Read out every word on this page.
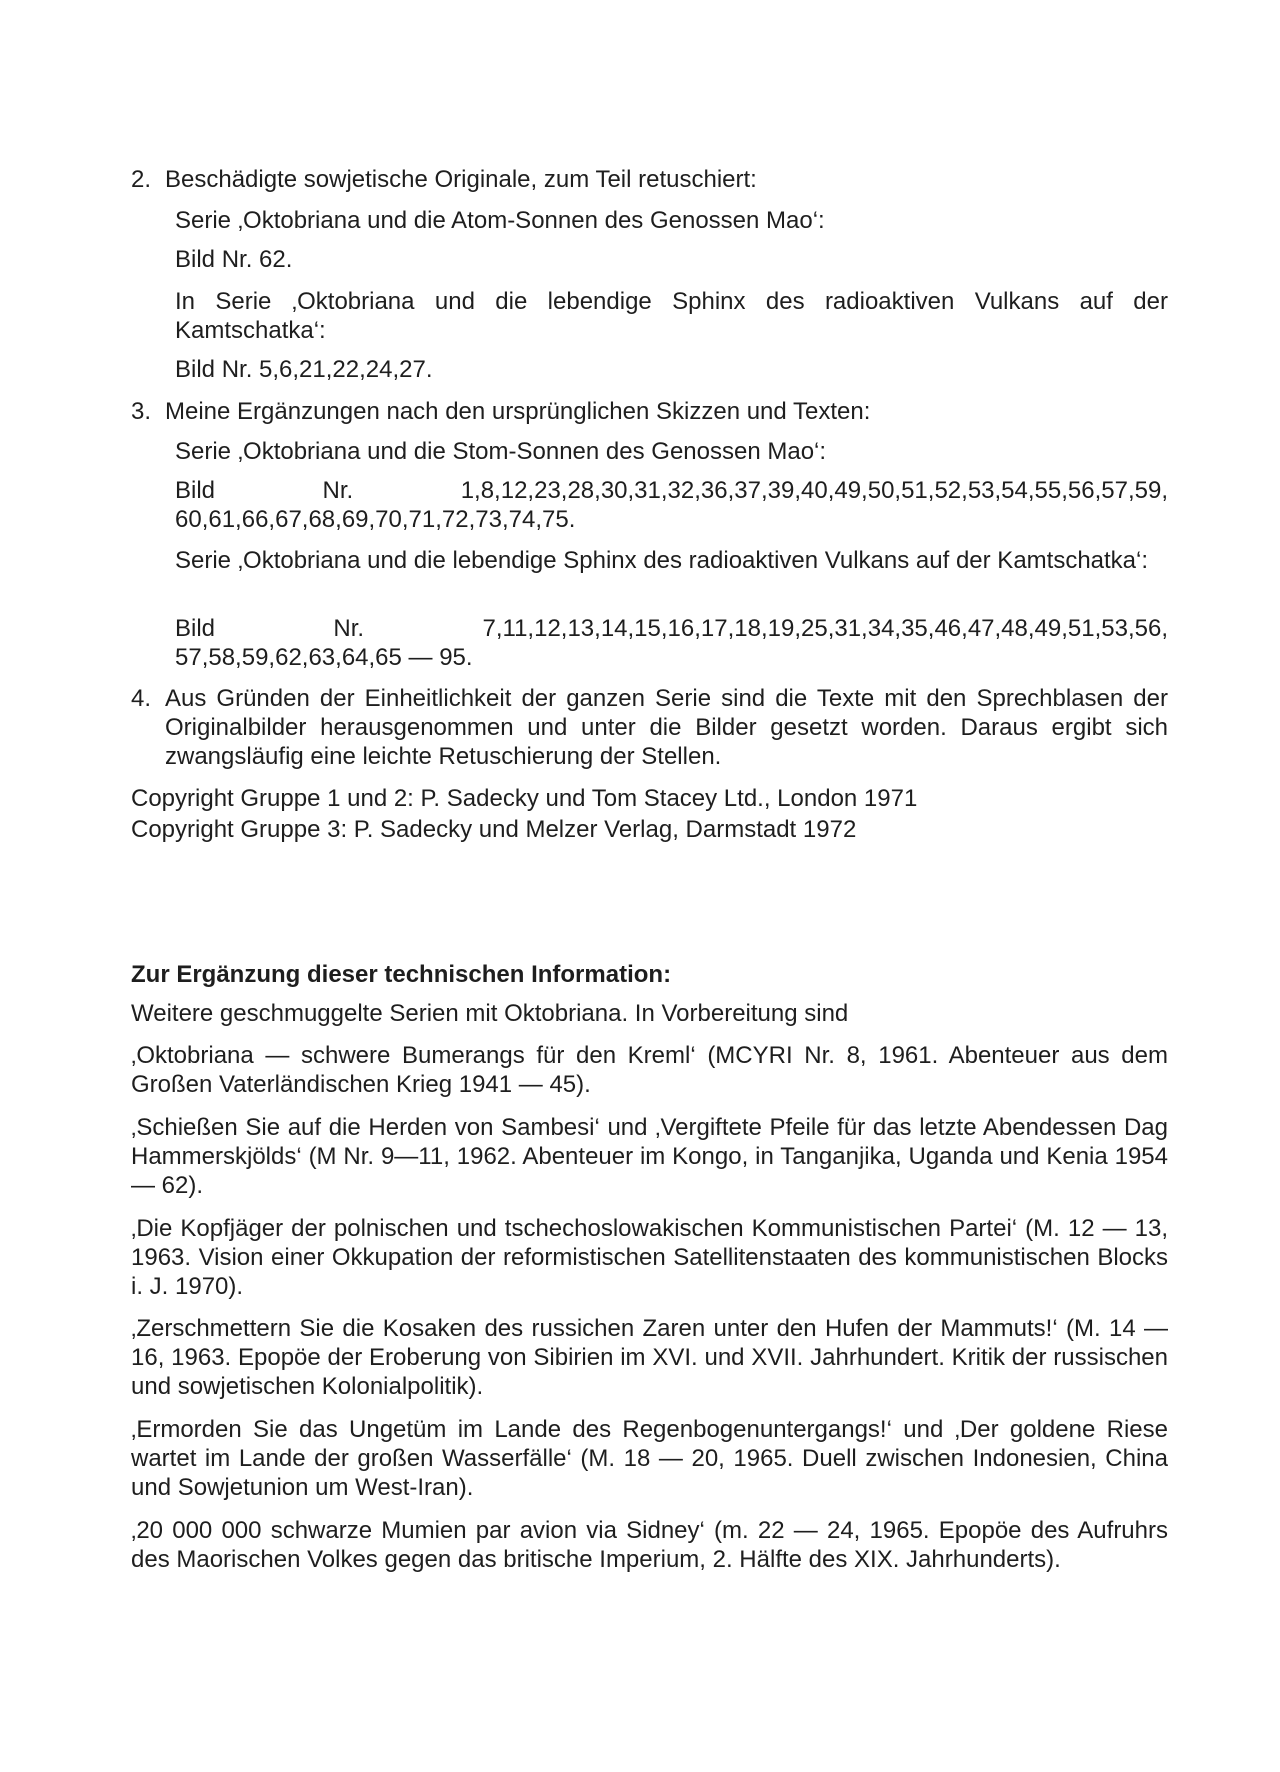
2. Beschädigte sowjetische Originale, zum Teil retuschiert:

Serie ‚Oktobriana und die Atom-Sonnen des Genossen Mao‘:

Bild Nr. 62.

In Serie ‚Oktobriana und die lebendige Sphinx des radioaktiven Vulkans auf der Kamtschatka‘:

Bild Nr. 5,6,21,22,24,27.

3. Meine Ergänzungen nach den ursprünglichen Skizzen und Texten:

Serie ‚Oktobriana und die Stom-Sonnen des Genossen Mao‘:

Bild Nr. 1,8,12,23,28,30,31,32,36,37,39,40,49,50,51,52,53,54,55,56,57,59, 60,61,66,67,68,69,70,71,72,73,74,75.

Serie ‚Oktobriana und die lebendige Sphinx des radioaktiven Vulkans auf der Kamtschatka‘:

Bild Nr. 7,11,12,13,14,15,16,17,18,19,25,31,34,35,46,47,48,49,51,53,56, 57,58,59,62,63,64,65 — 95.

4. Aus Gründen der Einheitlichkeit der ganzen Serie sind die Texte mit den Sprechblasen der Originalbilder herausgenommen und unter die Bilder gesetzt worden. Daraus ergibt sich zwangsläufig eine leichte Retuschierung der Stellen.

Copyright Gruppe 1 und 2: P. Sadecky und Tom Stacey Ltd., London 1971

Copyright Gruppe 3: P. Sadecky und Melzer Verlag, Darmstadt 1972

Zur Ergänzung dieser technischen Information:

Weitere geschmuggelte Serien mit Oktobriana. In Vorbereitung sind

‚Oktobriana — schwere Bumerangs für den Kreml‘ (MCYRI Nr. 8, 1961. Abenteuer aus dem Großen Vaterländischen Krieg 1941 — 45).

‚Schießen Sie auf die Herden von Sambesi‘ und ‚Vergiftete Pfeile für das letzte Abendessen Dag Hammerskjölds‘ (M Nr. 9—11, 1962. Abenteuer im Kongo, in Tanganjika, Uganda und Kenia 1954 — 62).

‚Die Kopfjäger der polnischen und tschechoslowakischen Kommunistischen Partei‘ (M. 12 — 13, 1963. Vision einer Okkupation der reformistischen Satellitenstaaten des kommunistischen Blocks i. J. 1970).

‚Zerschmettern Sie die Kosaken des russichen Zaren unter den Hufen der Mammuts!‘ (M. 14 — 16, 1963. Epopöe der Eroberung von Sibirien im XVI. und XVII. Jahrhundert. Kritik der russischen und sowjetischen Kolonialpolitik).

‚Ermorden Sie das Ungetüm im Lande des Regenbogenuntergangs!‘ und ‚Der goldene Riese wartet im Lande der großen Wasserfälle‘ (M. 18 — 20, 1965. Duell zwischen Indonesien, China und Sowjetunion um West-Iran).

‚20 000 000 schwarze Mumien par avion via Sidney‘ (m. 22 — 24, 1965. Epopöe des Aufruhrs des Maorischen Volkes gegen das britische Imperium, 2. Hälfte des XIX. Jahrhunderts).
